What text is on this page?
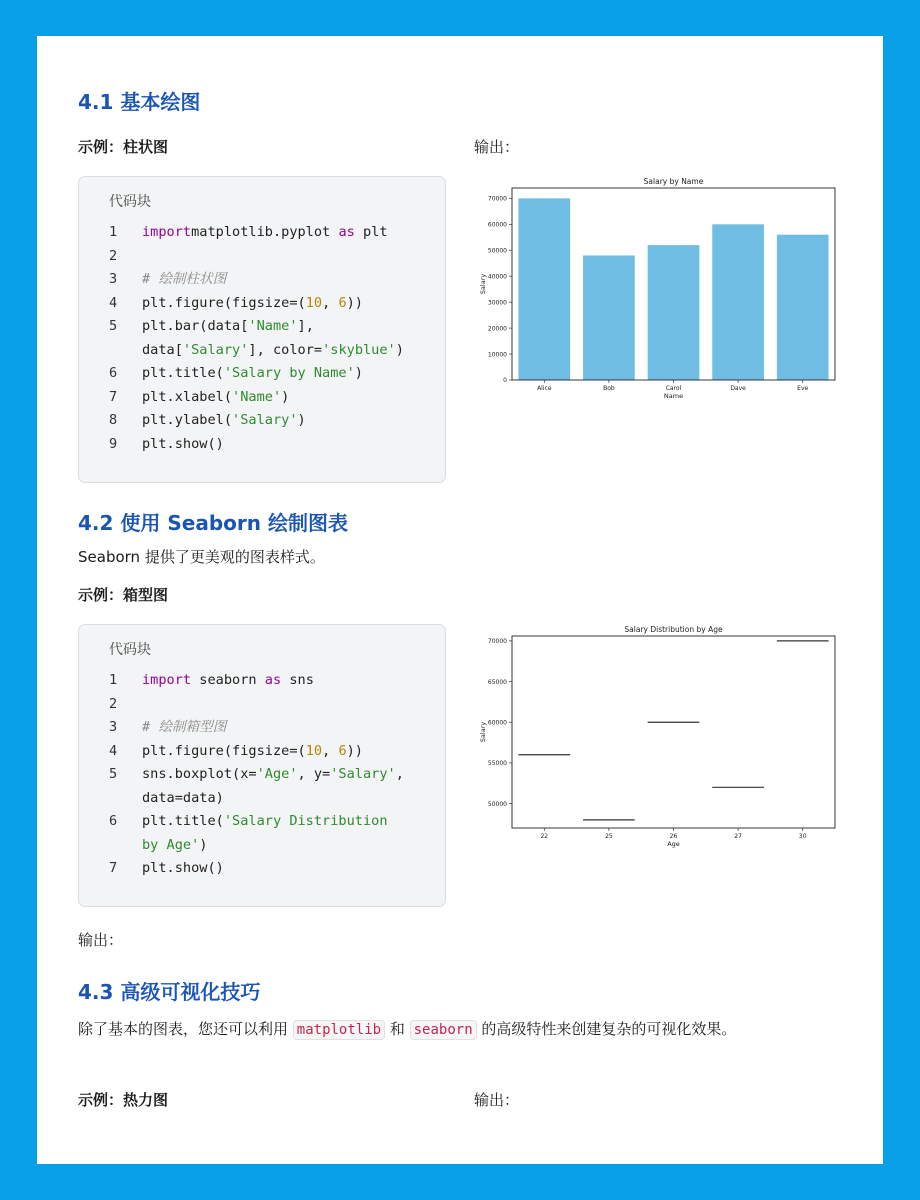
4.1 基本绘图
示例：柱状图	输出：
代码块
1	importmatplotlib.pyplot as plt
2
3	# 绘制柱状图
4	plt.figure(figsize=(10, 6))
5	plt.bar(data['Name'],
data['Salary'], color='skyblue')
6	plt.title('Salary by Name')
7	plt.xlabel('Name')
8	plt.ylabel('Salary')
9	plt.show()
Salary by Name
0
10000
20000
30000
40000
50000
60000
70000
Alice	Bob	Carol	Dave	Eve
Name
Salary
4.2 使用 Seaborn 绘制图表
Seaborn 提供了更美观的图表样式。
示例：箱型图
代码块
1	import seaborn as sns
2
3	# 绘制箱型图
4	plt.figure(figsize=(10, 6))
5	sns.boxplot(x='Age', y='Salary',
data=data)
6	plt.title('Salary Distribution
by Age')
7	plt.show()
Salary Distribution by Age
50000
55000
60000
65000
70000
22	25	26	27	30
Age
Salary
输出：
4.3 高级可视化技巧
除了基本的图表，您还可以利用 matplotlib 和 seaborn 的高级特性来创建复杂的可视化效果。
示例：热力图	输出：
